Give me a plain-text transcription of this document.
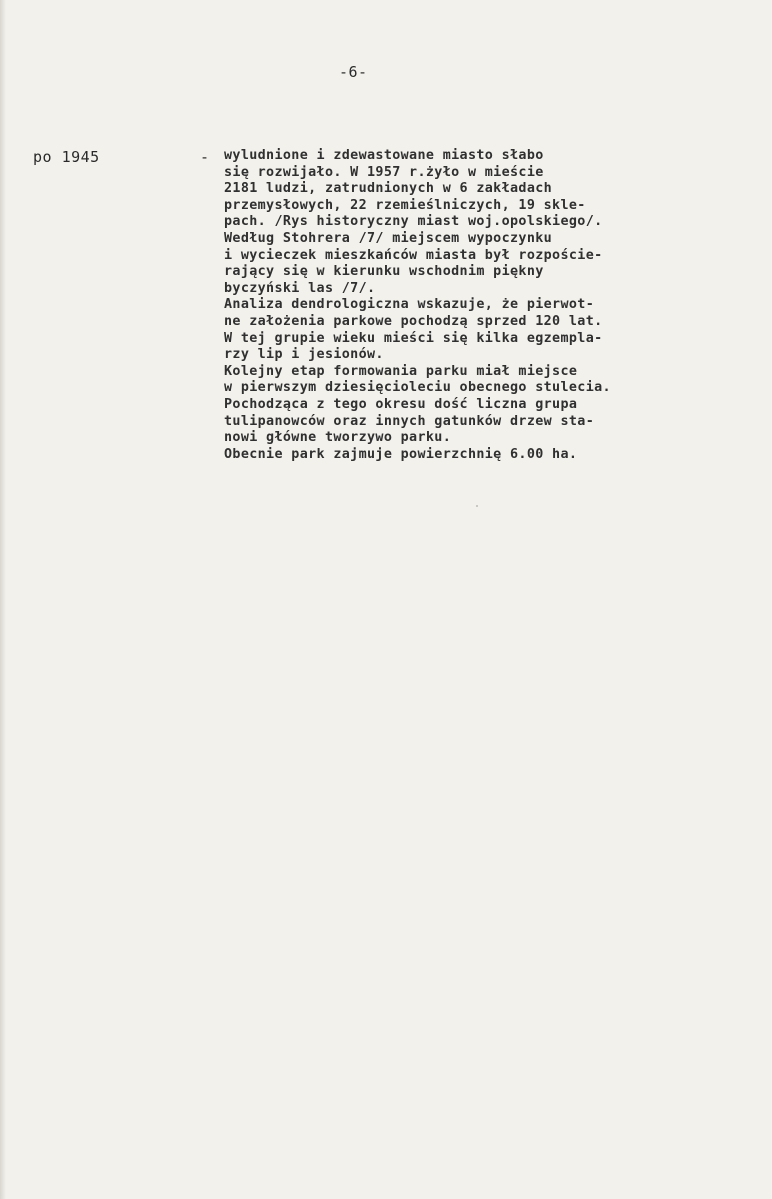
-6-
po 1945	- wyludnione i zdewastowane miasto słabo
się rozwijało. W 1957 r.żyło w mieście
2181 ludzi, zatrudnionych w 6 zakładach
przemysłowych, 22 rzemieślniczych, 19 skle-
pach. /Rys historyczny miast woj.opolskiego/.
Według Stohrera /7/ miejscem wypoczynku
i wycieczek mieszkańców miasta był rozpoście-
rający się w kierunku wschodnim piękny
byczyński las /7/.
Analiza dendrologiczna wskazuje, że pierwot-
ne założenia parkowe pochodzą sprzed 120 lat.
W tej grupie wieku mieści się kilka egzempla-
rzy lip i jesionów.
Kolejny etap formowania parku miał miejsce
w pierwszym dziesięcioleciu obecnego stulecia.
Pochodząca z tego okresu dość liczna grupa
tulipanowców oraz innych gatunków drzew sta-
nowi główne tworzywo parku.
Obecnie park zajmuje powierzchnię 6.00 ha.
